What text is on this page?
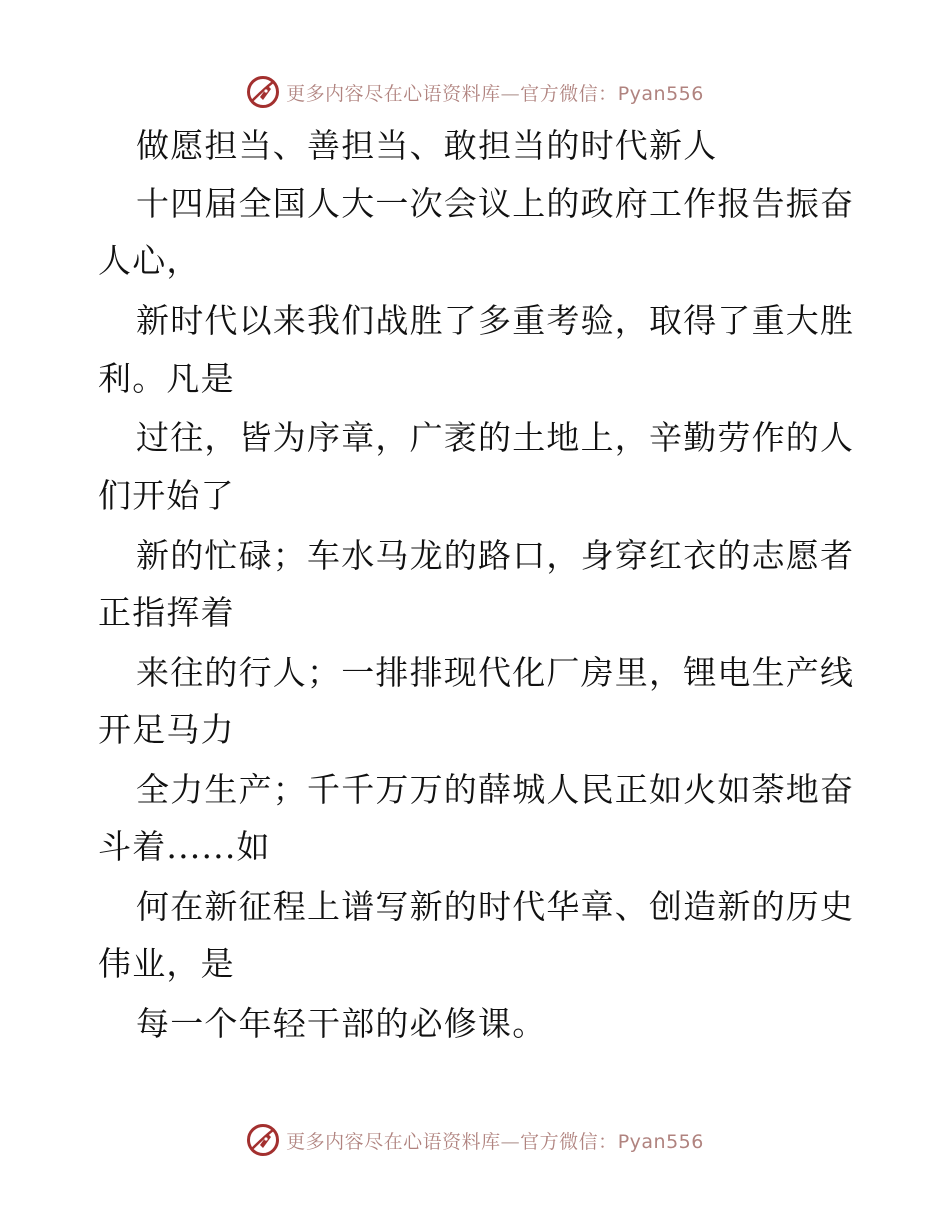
更多内容尽在心语资料库—官方微信：Pyan556
做愿担当、善担当、敢担当的时代新人
十四届全国人大一次会议上的政府工作报告振奋
人心，
新时代以来我们战胜了多重考验，取得了重大胜
利。凡是
过往，皆为序章，广袤的土地上，辛勤劳作的人
们开始了
新的忙碌；车水马龙的路口，身穿红衣的志愿者
正指挥着
来往的行人；一排排现代化厂房里，锂电生产线
开足马力
全力生产；千千万万的薛城人民正如火如荼地奋
斗着......如
何在新征程上谱写新的时代华章、创造新的历史
伟业，是
每一个年轻干部的必修课。
更多内容尽在心语资料库—官方微信：Pyan556
